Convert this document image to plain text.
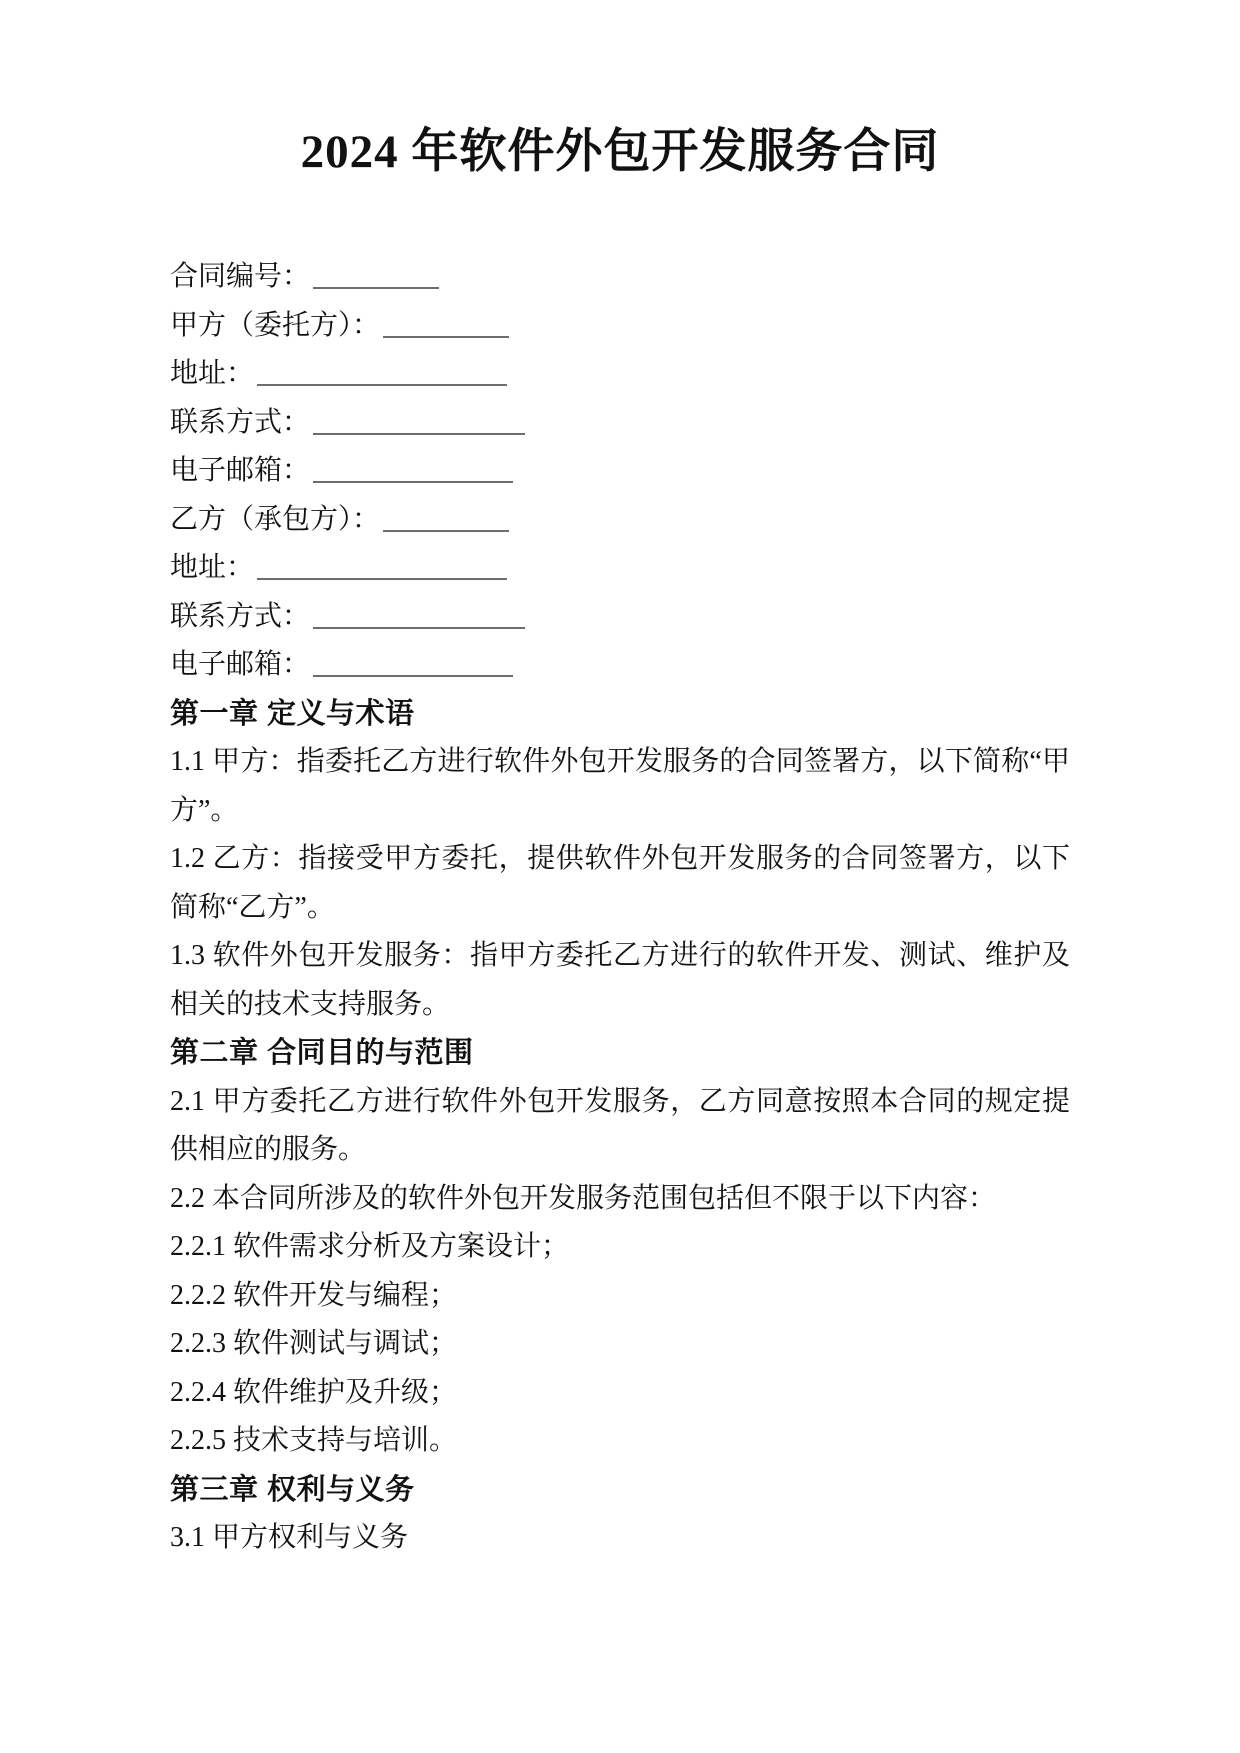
2024 年软件外包开发服务合同

合同编号：

甲方（委托方）：

地址：

联系方式：

电子邮箱：

乙方（承包方）：

地址：

联系方式：

电子邮箱：

第一章 定义与术语

1.1 甲方：指委托乙方进行软件外包开发服务的合同签署方，以下简称“甲方”。

1.2 乙方：指接受甲方委托，提供软件外包开发服务的合同签署方，以下简称“乙方”。

1.3 软件外包开发服务：指甲方委托乙方进行的软件开发、测试、维护及相关的技术支持服务。

第二章 合同目的与范围

2.1 甲方委托乙方进行软件外包开发服务，乙方同意按照本合同的规定提供相应的服务。

2.2 本合同所涉及的软件外包开发服务范围包括但不限于以下内容：

2.2.1 软件需求分析及方案设计；

2.2.2 软件开发与编程；

2.2.3 软件测试与调试；

2.2.4 软件维护及升级；

2.2.5 技术支持与培训。

第三章 权利与义务

3.1 甲方权利与义务
